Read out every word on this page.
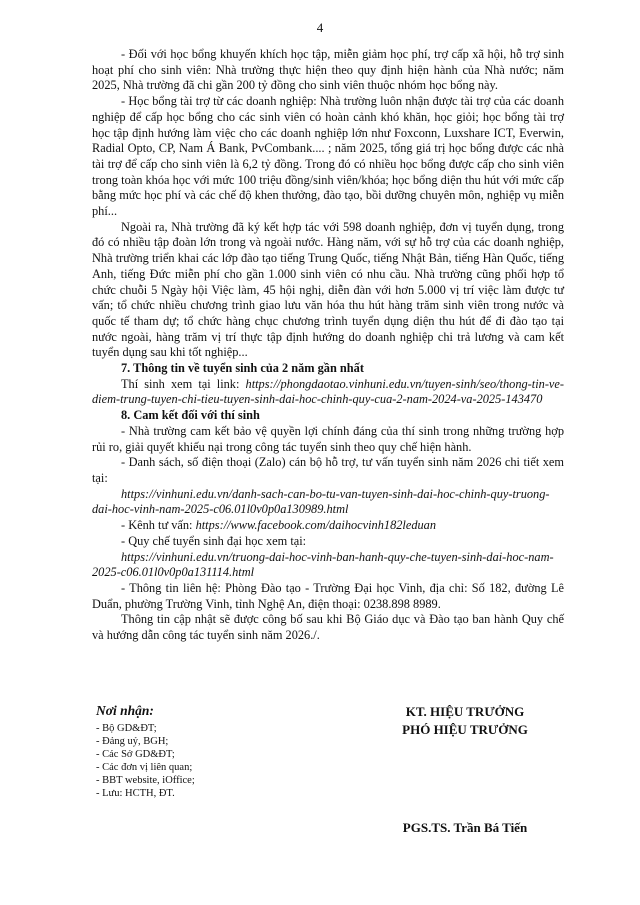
4

- Đối với học bổng khuyến khích học tập, miễn giảm học phí, trợ cấp xã hội, hỗ trợ sinh hoạt phí cho sinh viên: Nhà trường thực hiện theo quy định hiện hành của Nhà nước; năm 2025, Nhà trường đã chi gần 200 tỷ đồng cho sinh viên thuộc nhóm học bổng này.

- Học bổng tài trợ từ các doanh nghiệp: Nhà trường luôn nhận được tài trợ của các doanh nghiệp để cấp học bổng cho các sinh viên có hoàn cảnh khó khăn, học giỏi; học bổng tài trợ học tập định hướng làm việc cho các doanh nghiệp lớn như Foxconn, Luxshare ICT, Everwin, Radial Opto, CP, Nam Á Bank, PvCombank.... ; năm 2025, tổng giá trị học bổng được các nhà tài trợ để cấp cho sinh viên là 6,2 tỷ đồng. Trong đó có nhiều học bổng được cấp cho sinh viên trong toàn khóa học với mức 100 triệu đồng/sinh viên/khóa; học bổng diện thu hút với mức cấp bằng mức học phí và các chế độ khen thưởng, đào tạo, bồi dưỡng chuyên môn, nghiệp vụ miễn phí...

Ngoài ra, Nhà trường đã ký kết hợp tác với 598 doanh nghiệp, đơn vị tuyển dụng, trong đó có nhiều tập đoàn lớn trong và ngoài nước. Hàng năm, với sự hỗ trợ của các doanh nghiệp, Nhà trường triển khai các lớp đào tạo tiếng Trung Quốc, tiếng Nhật Bản, tiếng Hàn Quốc, tiếng Anh, tiếng Đức miễn phí cho gần 1.000 sinh viên có nhu cầu. Nhà trường cũng phối hợp tổ chức chuỗi 5 Ngày hội Việc làm, 45 hội nghị, diễn đàn với hơn 5.000 vị trí việc làm được tư vấn; tổ chức nhiều chương trình giao lưu văn hóa thu hút hàng trăm sinh viên trong nước và quốc tế tham dự; tổ chức hàng chục chương trình tuyển dụng diện thu hút để đi đào tạo tại nước ngoài, hàng trăm vị trí thực tập định hướng do doanh nghiệp chi trả lương và cam kết tuyển dụng sau khi tốt nghiệp...

7. Thông tin về tuyển sinh của 2 năm gần nhất

Thí sinh xem tại link: https://phongdaotao.vinhuni.edu.vn/tuyen-sinh/seo/thong-tin-ve-diem-trung-tuyen-chi-tieu-tuyen-sinh-dai-hoc-chinh-quy-cua-2-nam-2024-va-2025-143470

8. Cam kết đối với thí sinh

- Nhà trường cam kết bảo vệ quyền lợi chính đáng của thí sinh trong những trường hợp rủi ro, giải quyết khiếu nại trong công tác tuyển sinh theo quy chế hiện hành.

- Danh sách, số điện thoại (Zalo) cán bộ hỗ trợ, tư vấn tuyển sinh năm 2026 chi tiết xem tại:

https://vinhuni.edu.vn/danh-sach-can-bo-tu-van-tuyen-sinh-dai-hoc-chinh-quy-truong-dai-hoc-vinh-nam-2025-c06.01l0v0p0a130989.html

- Kênh tư vấn: https://www.facebook.com/daihocvinh182leduan

- Quy chế tuyển sinh đại học xem tại:

https://vinhuni.edu.vn/truong-dai-hoc-vinh-ban-hanh-quy-che-tuyen-sinh-dai-hoc-nam-2025-c06.01l0v0p0a131114.html

- Thông tin liên hệ: Phòng Đào tạo - Trường Đại học Vinh, địa chỉ: Số 182, đường Lê Duẩn, phường Trường Vinh, tỉnh Nghệ An, điện thoại: 0238.898 8989.

Thông tin cập nhật sẽ được công bố sau khi Bộ Giáo dục và Đào tạo ban hành Quy chế và hướng dẫn công tác tuyển sinh năm 2026./.

Nơi nhận:
- Bộ GD&ĐT;
- Đảng uỷ, BGH;
- Các Sở GD&ĐT;
- Các đơn vị liên quan;
- BBT website, iOffice;
- Lưu: HCTH, ĐT.
KT. HIỆU TRƯỞNG
PHÓ HIỆU TRƯỞNG
PGS.TS. Trần Bá Tiến
